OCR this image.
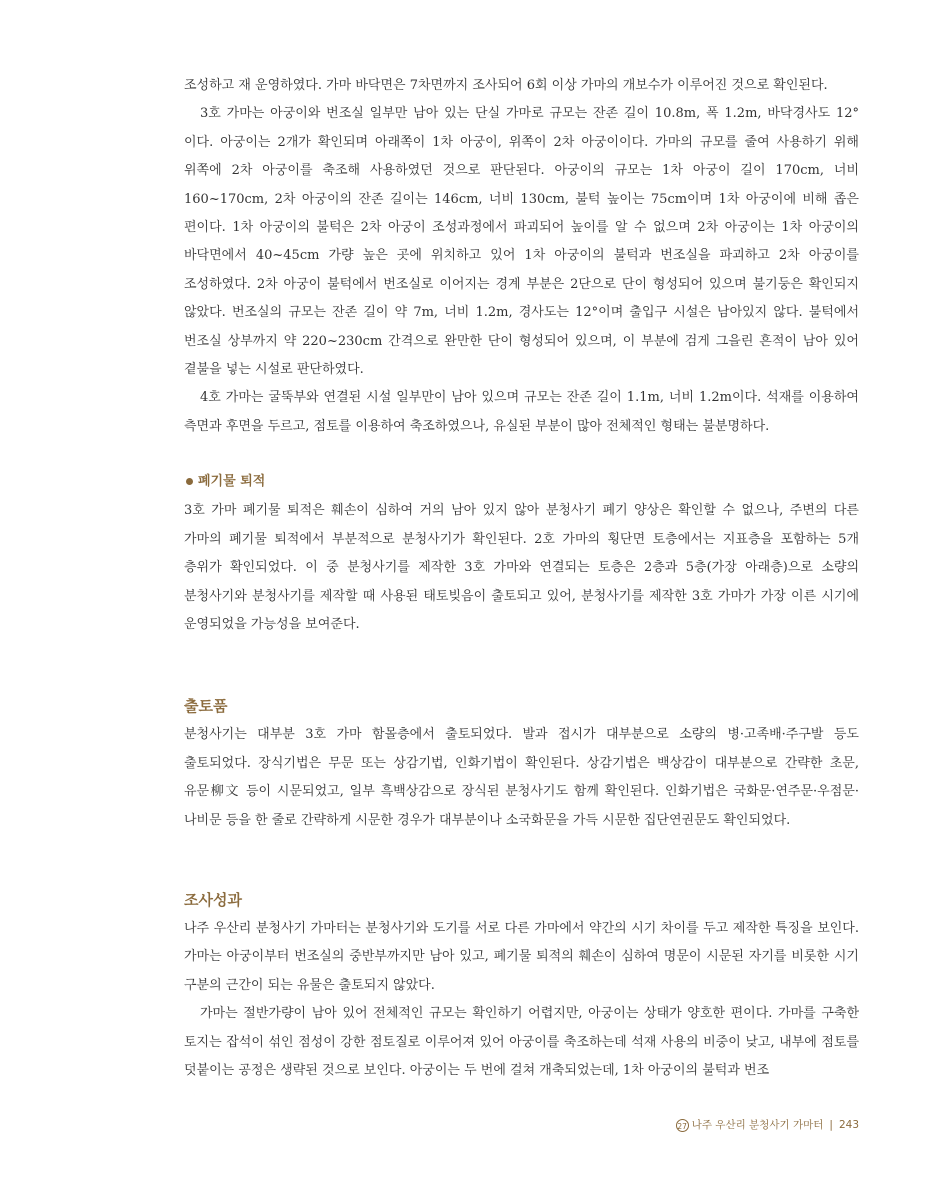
조성하고 재 운영하였다. 가마 바닥면은 7차면까지 조사되어 6회 이상 가마의 개보수가 이루어진 것으로 확인된다.

3호 가마는 아궁이와 번조실 일부만 남아 있는 단실 가마로 규모는 잔존 길이 10.8m, 폭 1.2m, 바닥경사도 12°이다. 아궁이는 2개가 확인되며 아래쪽이 1차 아궁이, 위쪽이 2차 아궁이이다. 가마의 규모를 줄여 사용하기 위해 위쪽에 2차 아궁이를 축조해 사용하였던 것으로 판단된다. 아궁이의 규모는 1차 아궁이 길이 170cm, 너비 160~170cm, 2차 아궁이의 잔존 길이는 146cm, 너비 130cm, 불턱 높이는 75cm이며 1차 아궁이에 비해 좁은 편이다. 1차 아궁이의 불턱은 2차 아궁이 조성과정에서 파괴되어 높이를 알 수 없으며 2차 아궁이는 1차 아궁이의 바닥면에서 40~45cm 가량 높은 곳에 위치하고 있어 1차 아궁이의 불턱과 번조실을 파괴하고 2차 아궁이를 조성하였다. 2차 아궁이 불턱에서 번조실로 이어지는 경계 부분은 2단으로 단이 형성되어 있으며 불기둥은 확인되지 않았다. 번조실의 규모는 잔존 길이 약 7m, 너비 1.2m, 경사도는 12°이며 출입구 시설은 남아있지 않다. 불턱에서 번조실 상부까지 약 220~230cm 간격으로 완만한 단이 형성되어 있으며, 이 부분에 검게 그을린 흔적이 남아 있어 곁불을 넣는 시설로 판단하였다.

4호 가마는 굴뚝부와 연결된 시설 일부만이 남아 있으며 규모는 잔존 길이 1.1m, 너비 1.2m이다. 석재를 이용하여 측면과 후면을 두르고, 점토를 이용하여 축조하였으나, 유실된 부분이 많아 전체적인 형태는 불분명하다.

폐기물 퇴적

3호 가마 폐기물 퇴적은 훼손이 심하여 거의 남아 있지 않아 분청사기 폐기 양상은 확인할 수 없으나, 주변의 다른 가마의 폐기물 퇴적에서 부분적으로 분청사기가 확인된다. 2호 가마의 횡단면 토층에서는 지표층을 포함하는 5개 층위가 확인되었다. 이 중 분청사기를 제작한 3호 가마와 연결되는 토층은 2층과 5층(가장 아래층)으로 소량의 분청사기와 분청사기를 제작할 때 사용된 태토빚음이 출토되고 있어, 분청사기를 제작한 3호 가마가 가장 이른 시기에 운영되었을 가능성을 보여준다.

출토품

분청사기는 대부분 3호 가마 함몰층에서 출토되었다. 발과 접시가 대부분으로 소량의 병·고족배·주구발 등도 출토되었다. 장식기법은 무문 또는 상감기법, 인화기법이 확인된다. 상감기법은 백상감이 대부분으로 간략한 초문, 유문柳文 등이 시문되었고, 일부 흑백상감으로 장식된 분청사기도 함께 확인된다. 인화기법은 국화문·연주문·우점문·나비문 등을 한 줄로 간략하게 시문한 경우가 대부분이나 소국화문을 가득 시문한 집단연권문도 확인되었다.

조사성과

나주 우산리 분청사기 가마터는 분청사기와 도기를 서로 다른 가마에서 약간의 시기 차이를 두고 제작한 특징을 보인다. 가마는 아궁이부터 번조실의 중반부까지만 남아 있고, 폐기물 퇴적의 훼손이 심하여 명문이 시문된 자기를 비롯한 시기 구분의 근간이 되는 유물은 출토되지 않았다.

가마는 절반가량이 남아 있어 전체적인 규모는 확인하기 어렵지만, 아궁이는 상태가 양호한 편이다. 가마를 구축한 토지는 잡석이 섞인 점성이 강한 점토질로 이루어져 있어 아궁이를 축조하는데 석재 사용의 비중이 낮고, 내부에 점토를 덧붙이는 공정은 생략된 것으로 보인다. 아궁이는 두 번에 걸쳐 개축되었는데, 1차 아궁이의 불턱과 번조

27 나주 우산리 분청사기 가마터 | 243
